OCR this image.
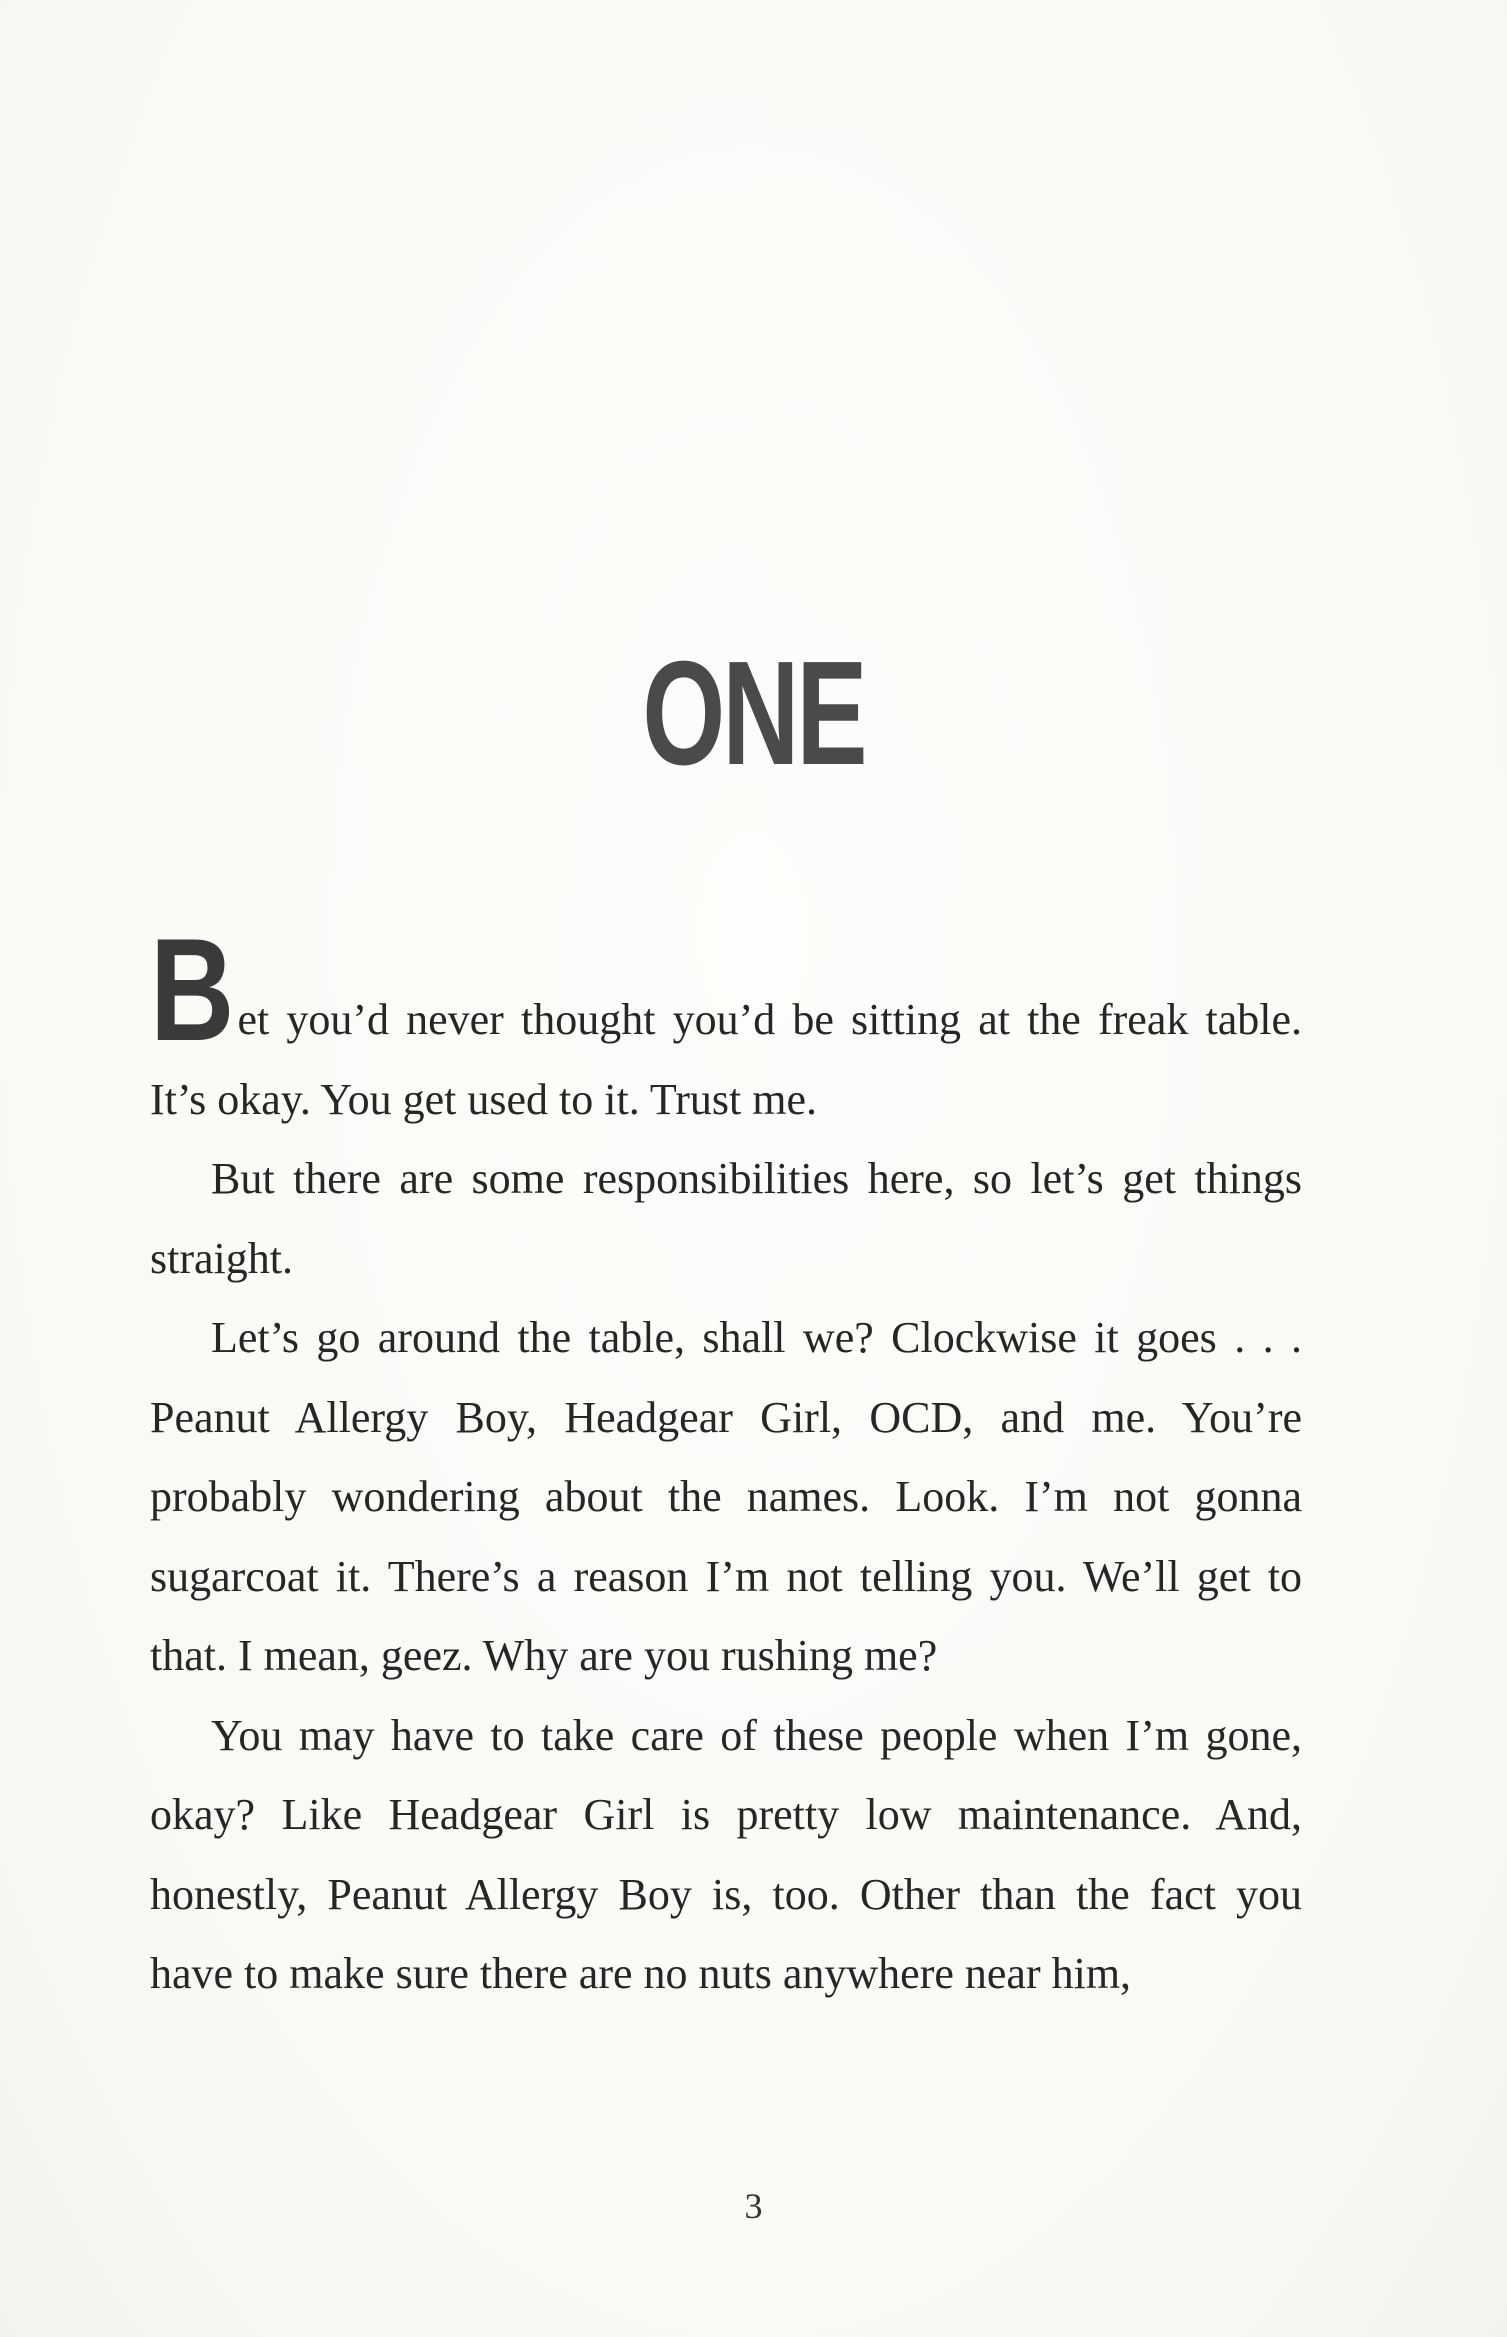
ONE

Bet you’d never thought you’d be sitting at the freak table. It’s okay. You get used to it. Trust me.

But there are some responsibilities here, so let’s get things straight.

Let’s go around the table, shall we? Clockwise it goes . . . Peanut Allergy Boy, Headgear Girl, OCD, and me. You’re probably wondering about the names. Look. I’m not gonna sugarcoat it. There’s a reason I’m not telling you. We’ll get to that. I mean, geez. Why are you rushing me?

You may have to take care of these people when I’m gone, okay? Like Headgear Girl is pretty low maintenance. And, honestly, Peanut Allergy Boy is, too. Other than the fact you have to make sure there are no nuts anywhere near him,

3
